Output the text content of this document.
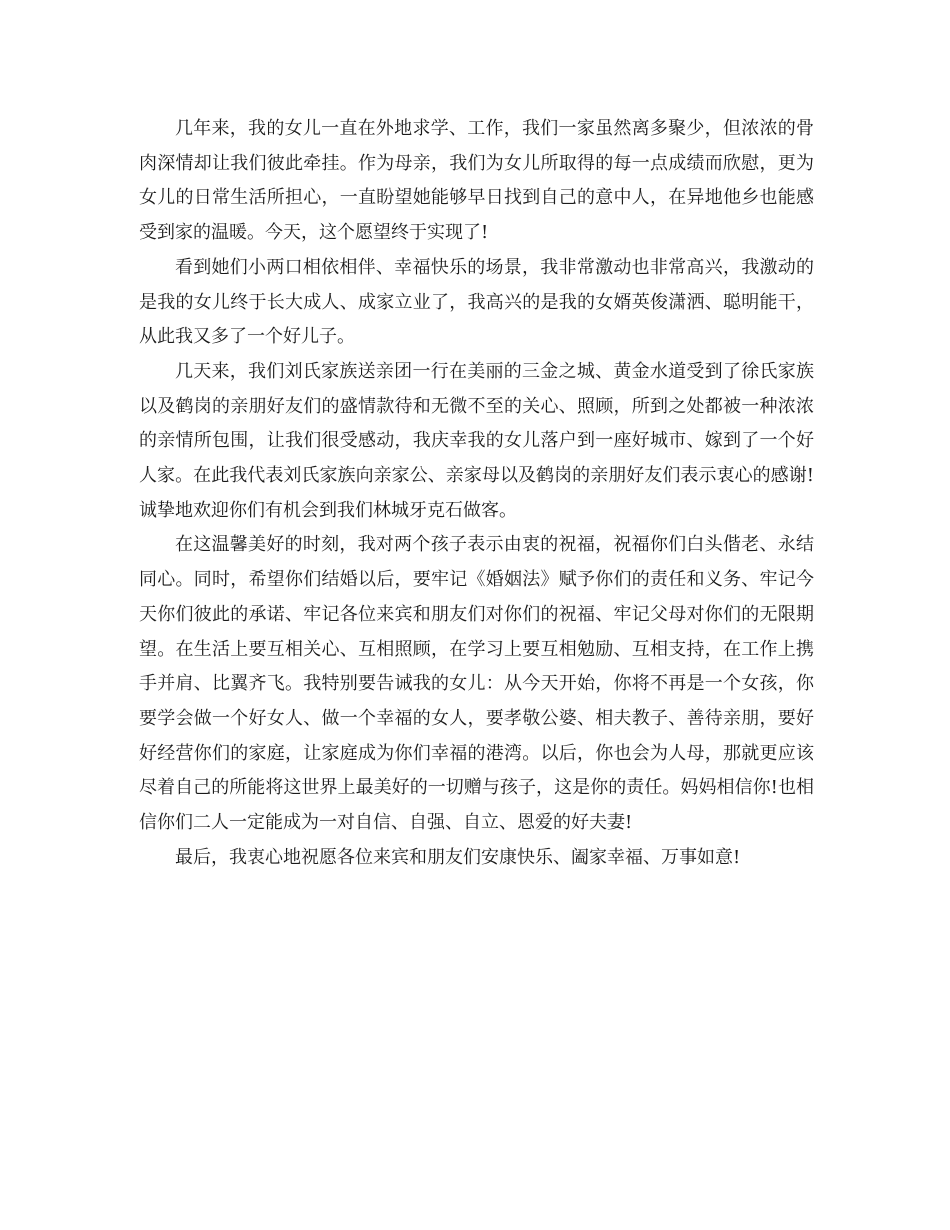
几年来，我的女儿一直在外地求学、工作，我们一家虽然离多聚少，但浓浓的骨肉深情却让我们彼此牵挂。作为母亲，我们为女儿所取得的每一点成绩而欣慰，更为女儿的日常生活所担心，一直盼望她能够早日找到自己的意中人，在异地他乡也能感受到家的温暖。今天，这个愿望终于实现了!

看到她们小两口相依相伴、幸福快乐的场景，我非常激动也非常高兴，我激动的是我的女儿终于长大成人、成家立业了，我高兴的是我的女婿英俊潇洒、聪明能干，从此我又多了一个好儿子。

几天来，我们刘氏家族送亲团一行在美丽的三金之城、黄金水道受到了徐氏家族以及鹤岗的亲朋好友们的盛情款待和无微不至的关心、照顾，所到之处都被一种浓浓的亲情所包围，让我们很受感动，我庆幸我的女儿落户到一座好城市、嫁到了一个好人家。在此我代表刘氏家族向亲家公、亲家母以及鹤岗的亲朋好友们表示衷心的感谢!诚挚地欢迎你们有机会到我们林城牙克石做客。

在这温馨美好的时刻，我对两个孩子表示由衷的祝福，祝福你们白头偕老、永结同心。同时，希望你们结婚以后，要牢记《婚姻法》赋予你们的责任和义务、牢记今天你们彼此的承诺、牢记各位来宾和朋友们对你们的祝福、牢记父母对你们的无限期望。在生活上要互相关心、互相照顾，在学习上要互相勉励、互相支持，在工作上携手并肩、比翼齐飞。我特别要告诫我的女儿：从今天开始，你将不再是一个女孩，你要学会做一个好女人、做一个幸福的女人，要孝敬公婆、相夫教子、善待亲朋，要好好经营你们的家庭，让家庭成为你们幸福的港湾。以后，你也会为人母，那就更应该尽着自己的所能将这世界上最美好的一切赠与孩子，这是你的责任。妈妈相信你!也相信你们二人一定能成为一对自信、自强、自立、恩爱的好夫妻!

最后，我衷心地祝愿各位来宾和朋友们安康快乐、阖家幸福、万事如意!
